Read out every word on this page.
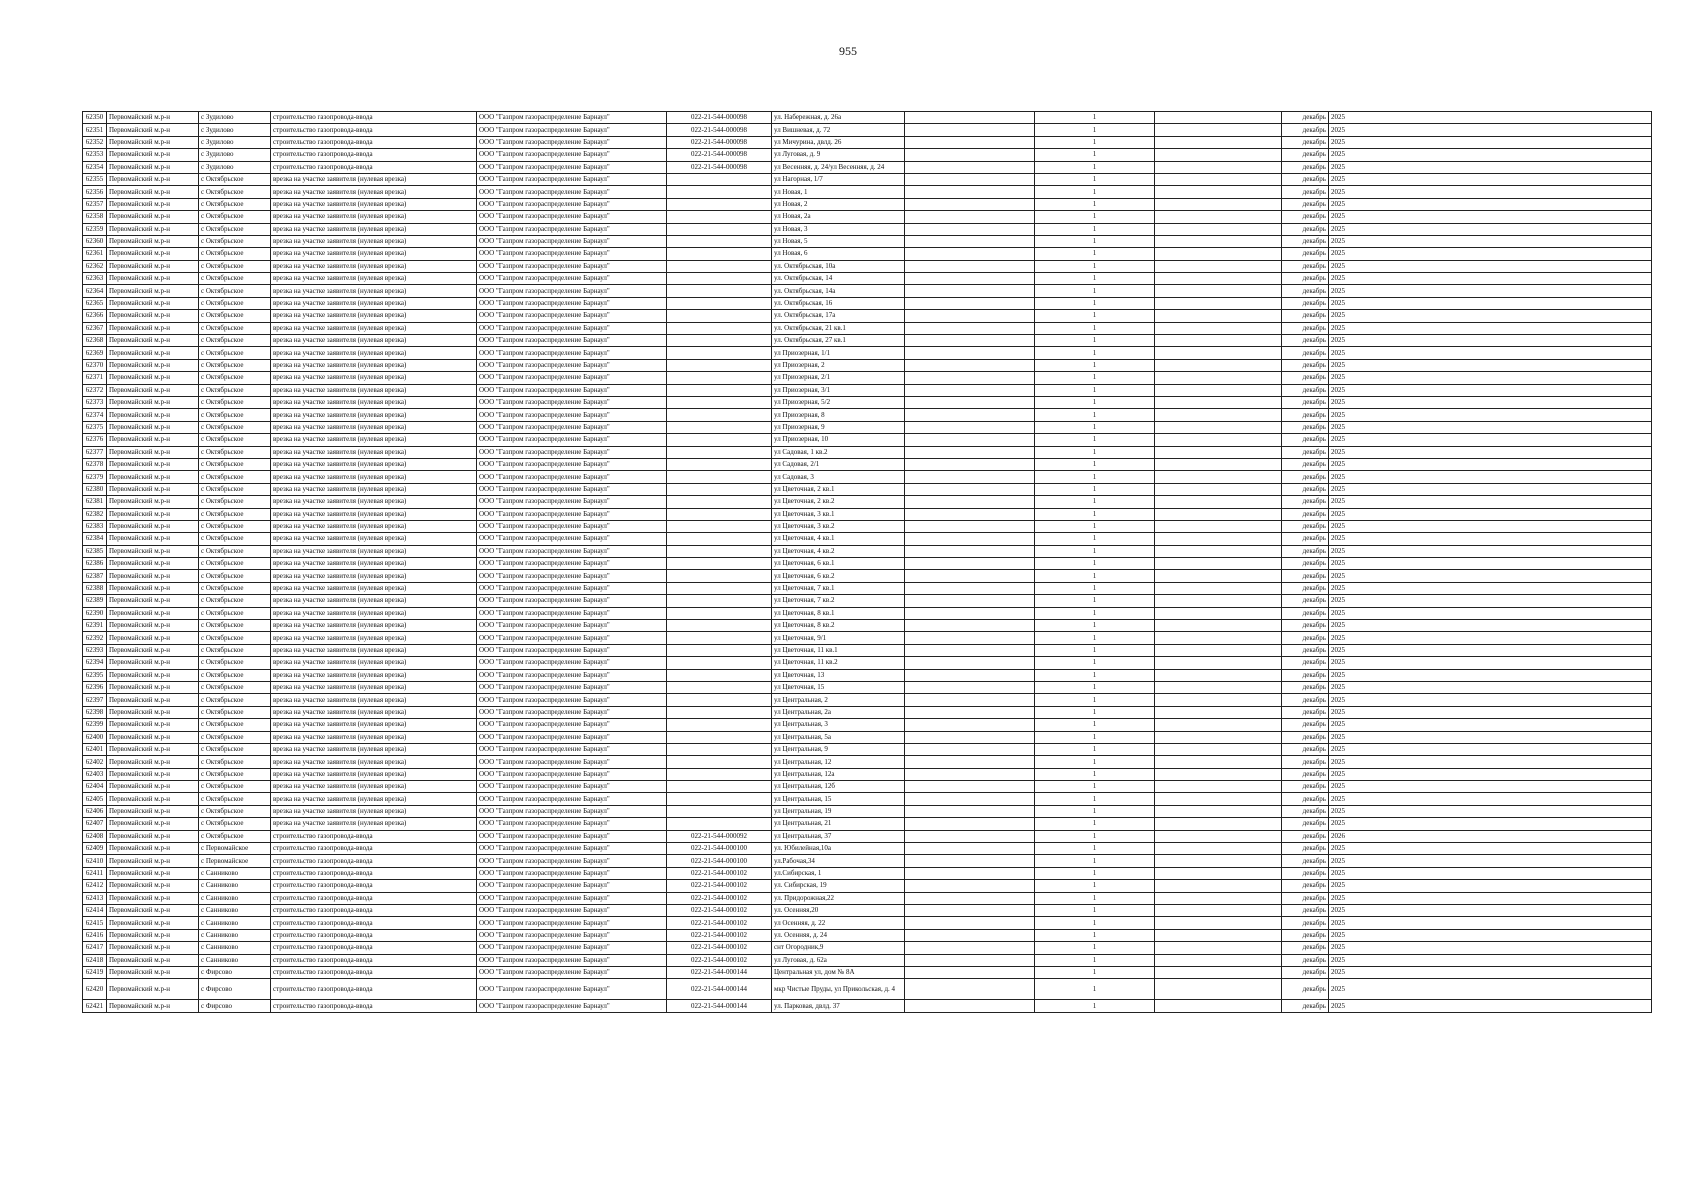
955
62350	Первомайский м.р-н	с Зудилово	строительство газопровода-ввода	ООО "Газпром газораспределение Барнаул"	022-21-544-000098	ул. Набережная, д. 26а		1		декабрь	2025
62351	Первомайский м.р-н	с Зудилово	строительство газопровода-ввода	ООО "Газпром газораспределение Барнаул"	022-21-544-000098	ул Вишневая, д. 72		1		декабрь	2025
62352	Первомайский м.р-н	с Зудилово	строительство газопровода-ввода	ООО "Газпром газораспределение Барнаул"	022-21-544-000098	ул Мичурина, двлд. 26		1		декабрь	2025
62353	Первомайский м.р-н	с Зудилово	строительство газопровода-ввода	ООО "Газпром газораспределение Барнаул"	022-21-544-000098	ул Луговая, д. 9		1		декабрь	2025
62354	Первомайский м.р-н	с Зудилово	строительство газопровода-ввода	ООО "Газпром газораспределение Барнаул"	022-21-544-000098	ул Весенняя, д. 24/ул Весенняя, д. 24		1		декабрь	2025
62355	Первомайский м.р-н	с Октябрьское	врезка на участке заявителя (нулевая врезка)	ООО "Газпром газораспределение Барнаул"		ул Нагорная, 1/7		1		декабрь	2025
62356	Первомайский м.р-н	с Октябрьское	врезка на участке заявителя (нулевая врезка)	ООО "Газпром газораспределение Барнаул"		ул Новая, 1		1		декабрь	2025
62357	Первомайский м.р-н	с Октябрьское	врезка на участке заявителя (нулевая врезка)	ООО "Газпром газораспределение Барнаул"		ул Новая, 2		1		декабрь	2025
62358	Первомайский м.р-н	с Октябрьское	врезка на участке заявителя (нулевая врезка)	ООО "Газпром газораспределение Барнаул"		ул Новая, 2а		1		декабрь	2025
62359	Первомайский м.р-н	с Октябрьское	врезка на участке заявителя (нулевая врезка)	ООО "Газпром газораспределение Барнаул"		ул Новая, 3		1		декабрь	2025
62360	Первомайский м.р-н	с Октябрьское	врезка на участке заявителя (нулевая врезка)	ООО "Газпром газораспределение Барнаул"		ул Новая, 5		1		декабрь	2025
62361	Первомайский м.р-н	с Октябрьское	врезка на участке заявителя (нулевая врезка)	ООО "Газпром газораспределение Барнаул"		ул Новая, 6		1		декабрь	2025
62362	Первомайский м.р-н	с Октябрьское	врезка на участке заявителя (нулевая врезка)	ООО "Газпром газораспределение Барнаул"		ул. Октябрьская, 10а		1		декабрь	2025
62363	Первомайский м.р-н	с Октябрьское	врезка на участке заявителя (нулевая врезка)	ООО "Газпром газораспределение Барнаул"		ул. Октябрьская, 14		1		декабрь	2025
62364	Первомайский м.р-н	с Октябрьское	врезка на участке заявителя (нулевая врезка)	ООО "Газпром газораспределение Барнаул"		ул. Октябрьская, 14а		1		декабрь	2025
62365	Первомайский м.р-н	с Октябрьское	врезка на участке заявителя (нулевая врезка)	ООО "Газпром газораспределение Барнаул"		ул. Октябрьская, 16		1		декабрь	2025
62366	Первомайский м.р-н	с Октябрьское	врезка на участке заявителя (нулевая врезка)	ООО "Газпром газораспределение Барнаул"		ул. Октябрьская, 17а		1		декабрь	2025
62367	Первомайский м.р-н	с Октябрьское	врезка на участке заявителя (нулевая врезка)	ООО "Газпром газораспределение Барнаул"		ул. Октябрьская, 21 кв.1		1		декабрь	2025
62368	Первомайский м.р-н	с Октябрьское	врезка на участке заявителя (нулевая врезка)	ООО "Газпром газораспределение Барнаул"		ул. Октябрьская, 27 кв.1		1		декабрь	2025
62369	Первомайский м.р-н	с Октябрьское	врезка на участке заявителя (нулевая врезка)	ООО "Газпром газораспределение Барнаул"		ул Приозерная, 1/1		1		декабрь	2025
62370	Первомайский м.р-н	с Октябрьское	врезка на участке заявителя (нулевая врезка)	ООО "Газпром газораспределение Барнаул"		ул Приозерная, 2		1		декабрь	2025
62371	Первомайский м.р-н	с Октябрьское	врезка на участке заявителя (нулевая врезка)	ООО "Газпром газораспределение Барнаул"		ул Приозерная, 2/1		1		декабрь	2025
62372	Первомайский м.р-н	с Октябрьское	врезка на участке заявителя (нулевая врезка)	ООО "Газпром газораспределение Барнаул"		ул Приозерная, 3/1		1		декабрь	2025
62373	Первомайский м.р-н	с Октябрьское	врезка на участке заявителя (нулевая врезка)	ООО "Газпром газораспределение Барнаул"		ул Приозерная, 5/2		1		декабрь	2025
62374	Первомайский м.р-н	с Октябрьское	врезка на участке заявителя (нулевая врезка)	ООО "Газпром газораспределение Барнаул"		ул Приозерная, 8		1		декабрь	2025
62375	Первомайский м.р-н	с Октябрьское	врезка на участке заявителя (нулевая врезка)	ООО "Газпром газораспределение Барнаул"		ул Приозерная, 9		1		декабрь	2025
62376	Первомайский м.р-н	с Октябрьское	врезка на участке заявителя (нулевая врезка)	ООО "Газпром газораспределение Барнаул"		ул Приозерная, 10		1		декабрь	2025
62377	Первомайский м.р-н	с Октябрьское	врезка на участке заявителя (нулевая врезка)	ООО "Газпром газораспределение Барнаул"		ул Садовая, 1 кв.2		1		декабрь	2025
62378	Первомайский м.р-н	с Октябрьское	врезка на участке заявителя (нулевая врезка)	ООО "Газпром газораспределение Барнаул"		ул Садовая, 2/1		1		декабрь	2025
62379	Первомайский м.р-н	с Октябрьское	врезка на участке заявителя (нулевая врезка)	ООО "Газпром газораспределение Барнаул"		ул Садовая, 3		1		декабрь	2025
62380	Первомайский м.р-н	с Октябрьское	врезка на участке заявителя (нулевая врезка)	ООО "Газпром газораспределение Барнаул"		ул Цветочная, 2 кв.1		1		декабрь	2025
62381	Первомайский м.р-н	с Октябрьское	врезка на участке заявителя (нулевая врезка)	ООО "Газпром газораспределение Барнаул"		ул Цветочная, 2 кв.2		1		декабрь	2025
62382	Первомайский м.р-н	с Октябрьское	врезка на участке заявителя (нулевая врезка)	ООО "Газпром газораспределение Барнаул"		ул Цветочная, 3 кв.1		1		декабрь	2025
62383	Первомайский м.р-н	с Октябрьское	врезка на участке заявителя (нулевая врезка)	ООО "Газпром газораспределение Барнаул"		ул Цветочная, 3 кв.2		1		декабрь	2025
62384	Первомайский м.р-н	с Октябрьское	врезка на участке заявителя (нулевая врезка)	ООО "Газпром газораспределение Барнаул"		ул Цветочная, 4 кв.1		1		декабрь	2025
62385	Первомайский м.р-н	с Октябрьское	врезка на участке заявителя (нулевая врезка)	ООО "Газпром газораспределение Барнаул"		ул Цветочная, 4 кв.2		1		декабрь	2025
62386	Первомайский м.р-н	с Октябрьское	врезка на участке заявителя (нулевая врезка)	ООО "Газпром газораспределение Барнаул"		ул Цветочная, 6 кв.1		1		декабрь	2025
62387	Первомайский м.р-н	с Октябрьское	врезка на участке заявителя (нулевая врезка)	ООО "Газпром газораспределение Барнаул"		ул Цветочная, 6 кв.2		1		декабрь	2025
62388	Первомайский м.р-н	с Октябрьское	врезка на участке заявителя (нулевая врезка)	ООО "Газпром газораспределение Барнаул"		ул Цветочная, 7 кв.1		1		декабрь	2025
62389	Первомайский м.р-н	с Октябрьское	врезка на участке заявителя (нулевая врезка)	ООО "Газпром газораспределение Барнаул"		ул Цветочная, 7 кв.2		1		декабрь	2025
62390	Первомайский м.р-н	с Октябрьское	врезка на участке заявителя (нулевая врезка)	ООО "Газпром газораспределение Барнаул"		ул Цветочная, 8 кв.1		1		декабрь	2025
62391	Первомайский м.р-н	с Октябрьское	врезка на участке заявителя (нулевая врезка)	ООО "Газпром газораспределение Барнаул"		ул Цветочная, 8 кв.2		1		декабрь	2025
62392	Первомайский м.р-н	с Октябрьское	врезка на участке заявителя (нулевая врезка)	ООО "Газпром газораспределение Барнаул"		ул Цветочная, 9/1		1		декабрь	2025
62393	Первомайский м.р-н	с Октябрьское	врезка на участке заявителя (нулевая врезка)	ООО "Газпром газораспределение Барнаул"		ул Цветочная, 11 кв.1		1		декабрь	2025
62394	Первомайский м.р-н	с Октябрьское	врезка на участке заявителя (нулевая врезка)	ООО "Газпром газораспределение Барнаул"		ул Цветочная, 11 кв.2		1		декабрь	2025
62395	Первомайский м.р-н	с Октябрьское	врезка на участке заявителя (нулевая врезка)	ООО "Газпром газораспределение Барнаул"		ул Цветочная, 13		1		декабрь	2025
62396	Первомайский м.р-н	с Октябрьское	врезка на участке заявителя (нулевая врезка)	ООО "Газпром газораспределение Барнаул"		ул Цветочная, 15		1		декабрь	2025
62397	Первомайский м.р-н	с Октябрьское	врезка на участке заявителя (нулевая врезка)	ООО "Газпром газораспределение Барнаул"		ул Центральная, 2		1		декабрь	2025
62398	Первомайский м.р-н	с Октябрьское	врезка на участке заявителя (нулевая врезка)	ООО "Газпром газораспределение Барнаул"		ул Центральная, 2а		1		декабрь	2025
62399	Первомайский м.р-н	с Октябрьское	врезка на участке заявителя (нулевая врезка)	ООО "Газпром газораспределение Барнаул"		ул Центральная, 3		1		декабрь	2025
62400	Первомайский м.р-н	с Октябрьское	врезка на участке заявителя (нулевая врезка)	ООО "Газпром газораспределение Барнаул"		ул Центральная, 5а		1		декабрь	2025
62401	Первомайский м.р-н	с Октябрьское	врезка на участке заявителя (нулевая врезка)	ООО "Газпром газораспределение Барнаул"		ул Центральная, 9		1		декабрь	2025
62402	Первомайский м.р-н	с Октябрьское	врезка на участке заявителя (нулевая врезка)	ООО "Газпром газораспределение Барнаул"		ул Центральная, 12		1		декабрь	2025
62403	Первомайский м.р-н	с Октябрьское	врезка на участке заявителя (нулевая врезка)	ООО "Газпром газораспределение Барнаул"		ул Центральная, 12а		1		декабрь	2025
62404	Первомайский м.р-н	с Октябрьское	врезка на участке заявителя (нулевая врезка)	ООО "Газпром газораспределение Барнаул"		ул Центральная, 12б		1		декабрь	2025
62405	Первомайский м.р-н	с Октябрьское	врезка на участке заявителя (нулевая врезка)	ООО "Газпром газораспределение Барнаул"		ул Центральная, 15		1		декабрь	2025
62406	Первомайский м.р-н	с Октябрьское	врезка на участке заявителя (нулевая врезка)	ООО "Газпром газораспределение Барнаул"		ул Центральная, 19		1		декабрь	2025
62407	Первомайский м.р-н	с Октябрьское	врезка на участке заявителя (нулевая врезка)	ООО "Газпром газораспределение Барнаул"		ул Центральная, 21		1		декабрь	2025
62408	Первомайский м.р-н	с Октябрьское	строительство газопровода-ввода	ООО "Газпром газораспределение Барнаул"	022-21-544-000092	ул Центральная, 37		1		декабрь	2026
62409	Первомайский м.р-н	с Первомайское	строительство газопровода-ввода	ООО "Газпром газораспределение Барнаул"	022-21-544-000100	ул. Юбилейная,10а		1		декабрь	2025
62410	Первомайский м.р-н	с Первомайское	строительство газопровода-ввода	ООО "Газпром газораспределение Барнаул"	022-21-544-000100	ул.Рабочая,34		1		декабрь	2025
62411	Первомайский м.р-н	с Санниково	строительство газопровода-ввода	ООО "Газпром газораспределение Барнаул"	022-21-544-000102	ул.Сибирская, 1		1		декабрь	2025
62412	Первомайский м.р-н	с Санниково	строительство газопровода-ввода	ООО "Газпром газораспределение Барнаул"	022-21-544-000102	ул. Сибирская, 19		1		декабрь	2025
62413	Первомайский м.р-н	с Санниково	строительство газопровода-ввода	ООО "Газпром газораспределение Барнаул"	022-21-544-000102	ул. Придорожная,22		1		декабрь	2025
62414	Первомайский м.р-н	с Санниково	строительство газопровода-ввода	ООО "Газпром газораспределение Барнаул"	022-21-544-000102	ул. Осенняя,20		1		декабрь	2025
62415	Первомайский м.р-н	с Санниково	строительство газопровода-ввода	ООО "Газпром газораспределение Барнаул"	022-21-544-000102	ул Осенняя, д. 22		1		декабрь	2025
62416	Первомайский м.р-н	с Санниково	строительство газопровода-ввода	ООО "Газпром газораспределение Барнаул"	022-21-544-000102	ул. Осенняя, д. 24		1		декабрь	2025
62417	Первомайский м.р-н	с Санниково	строительство газопровода-ввода	ООО "Газпром газораспределение Барнаул"	022-21-544-000102	снт Огородник,9		1		декабрь	2025
62418	Первомайский м.р-н	с Санниково	строительство газопровода-ввода	ООО "Газпром газораспределение Барнаул"	022-21-544-000102	ул Луговая, д. 62а		1		декабрь	2025
62419	Первомайский м.р-н	с Фирсово	строительство газопровода-ввода	ООО "Газпром газораспределение Барнаул"	022-21-544-000144	Центральная ул, дом № 8А		1		декабрь	2025
62420	Первомайский м.р-н	с Фирсово	строительство газопровода-ввода	ООО "Газпром газораспределение Барнаул"	022-21-544-000144	мкр Чистые Пруды, ул Прикольская, д. 4		1		декабрь	2025
62421	Первомайский м.р-н	с Фирсово	строительство газопровода-ввода	ООО "Газпром газораспределение Барнаул"	022-21-544-000144	ул. Парковая, двлд. 37		1		декабрь	2025
